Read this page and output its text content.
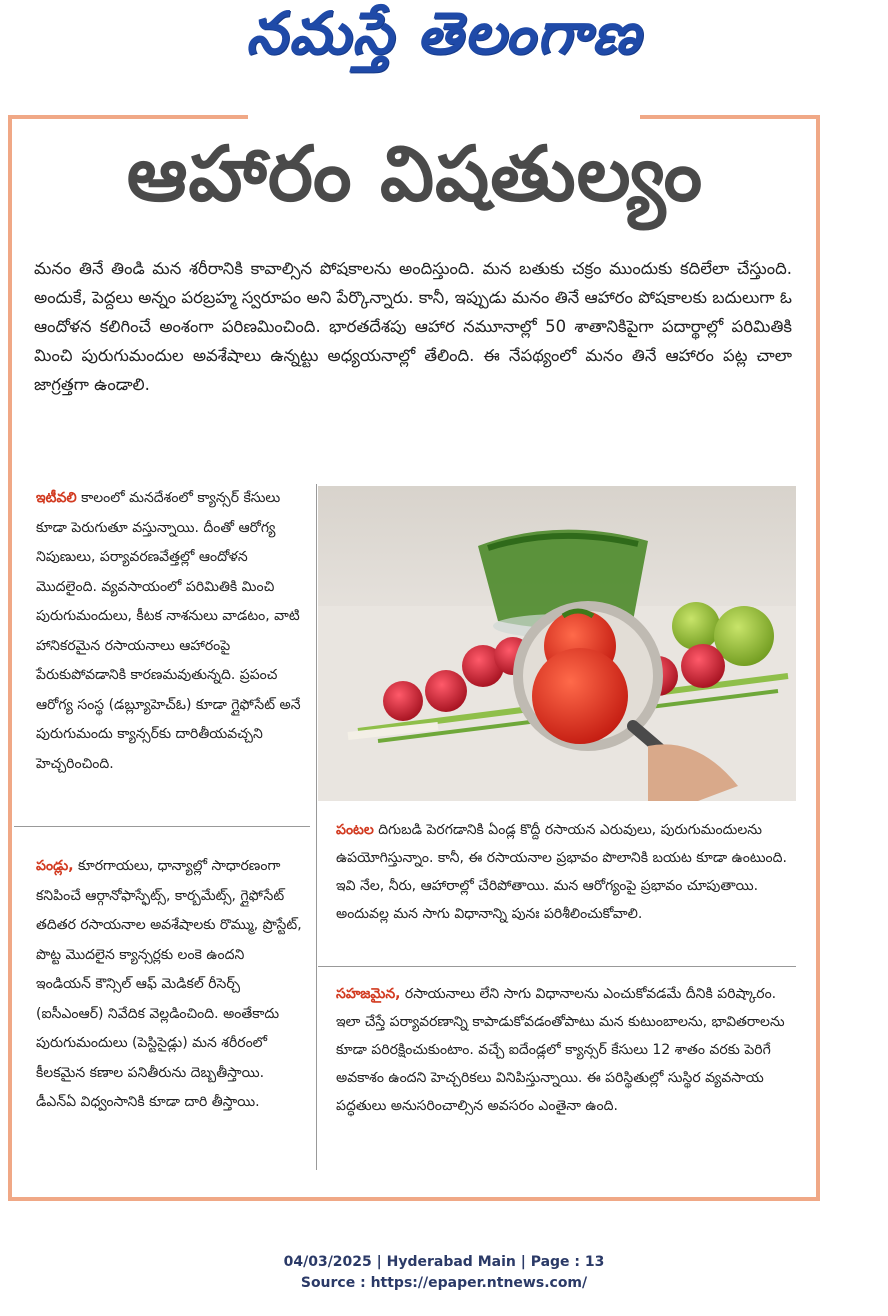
నమస్తే తెలంగాణ
ఆహారం విషతుల్యం
మనం తినే తిండి మన శరీరానికి కావాల్సిన పోషకాలను అందిస్తుంది. మన బతుకు చక్రం ముందుకు కదిలేలా చేస్తుంది. అందుకే, పెద్దలు అన్నం పరబ్రహ్మ స్వరూపం అని పేర్కొన్నారు. కానీ, ఇప్పుడు మనం తినే ఆహారం పోషకాలకు బదులుగా ఓ ఆందోళన కలిగించే అంశంగా పరిణమించింది. భారతదేశపు ఆహార నమూనాల్లో 50 శాతానికిపైగా పదార్థాల్లో పరిమితికి మించి పురుగుమందుల అవశేషాలు ఉన్నట్టు అధ్యయనాల్లో తేలింది. ఈ నేపథ్యంలో మనం తినే ఆహారం పట్ల చాలా జాగ్రత్తగా ఉండాలి.

ఇటీవలి కాలంలో మనదేశంలో క్యాన్సర్ కేసులు కూడా పెరుగుతూ వస్తున్నాయి. దీంతో ఆరోగ్య నిపుణులు, పర్యావరణవేత్తల్లో ఆందోళన మొదలైంది. వ్యవసాయంలో పరిమితికి మించి పురుగుమందులు, కీటక నాశనులు వాడటం, వాటి హానికరమైన రసాయనాలు ఆహారంపై పేరుకుపోవడానికి కారణమవుతున్నది. ప్రపంచ ఆరోగ్య సంస్థ (డబ్ల్యూహెచ్ఓ) కూడా గ్లైఫోసేట్ అనే పురుగుమందు క్యాన్సర్‌కు దారితీయవచ్చని హెచ్చరించింది.

పండ్లు, కూరగాయలు, ధాన్యాల్లో సాధారణంగా కనిపించే ఆర్గానోఫాస్ఫేట్స్, కార్బమేట్స్, గ్లైఫోసేట్ తదితర రసాయనాల అవశేషాలకు రొమ్ము, ప్రొస్టేట్, పొట్ట మొదలైన క్యాన్సర్లకు లంకె ఉందని ఇండియన్ కౌన్సిల్ ఆఫ్ మెడికల్ రీసెర్చ్ (ఐసీఎంఆర్) నివేదిక వెల్లడించింది. అంతేకాదు పురుగుమందులు (పెస్టిసైడ్లు) మన శరీరంలో కీలకమైన కణాల పనితీరును దెబ్బతీస్తాయి. డీఎన్ఏ విధ్వంసానికి కూడా దారి తీస్తాయి.

పంటల దిగుబడి పెరగడానికి ఏండ్ల కొద్దీ రసాయన ఎరువులు, పురుగుమందులను ఉపయోగిస్తున్నాం. కానీ, ఈ రసాయనాల ప్రభావం పొలానికి బయట కూడా ఉంటుంది. ఇవి నేల, నీరు, ఆహారాల్లో చేరిపోతాయి. మన ఆరోగ్యంపై ప్రభావం చూపుతాయి. అందువల్ల మన సాగు విధానాన్ని పునః పరిశీలించుకోవాలి.
సహజమైన, రసాయనాలు లేని సాగు విధానాలను ఎంచుకోవడమే దీనికి పరిష్కారం. ఇలా చేస్తే పర్యావరణాన్ని కాపాడుకోవడంతోపాటు మన కుటుంబాలను, భావితరాలను కూడా పరిరక్షించుకుంటాం. వచ్చే ఐదేండ్లలో క్యాన్సర్ కేసులు 12 శాతం వరకు పెరిగే అవకాశం ఉందని హెచ్చరికలు వినిపిస్తున్నాయి. ఈ పరిస్థితుల్లో సుస్థిర వ్యవసాయ పద్ధతులు అనుసరించాల్సిన అవసరం ఎంతైనా ఉంది.
04/03/2025 | Hyderabad Main | Page : 13
Source : https://epaper.ntnews.com/
